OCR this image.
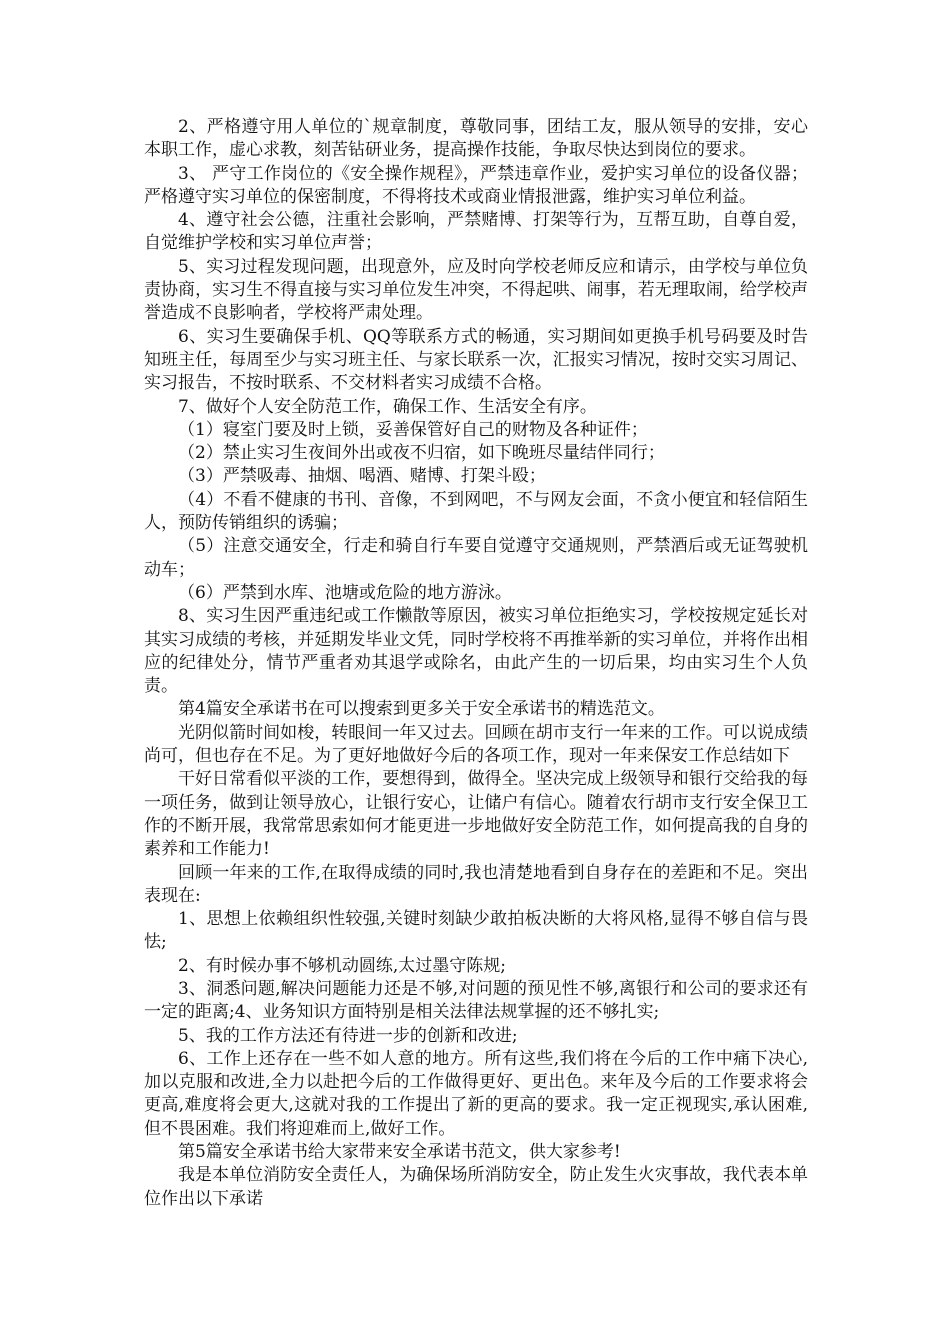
2、严格遵守用人单位的`规章制度，尊敬同事，团结工友，服从领导的安排，安心本职工作，虚心求教，刻苦钻研业务，提高操作技能，争取尽快达到岗位的要求。

3、 严守工作岗位的《安全操作规程》，严禁违章作业，爱护实习单位的设备仪器；严格遵守实习单位的保密制度，不得将技术或商业情报泄露，维护实习单位利益。

4、遵守社会公德，注重社会影响，严禁赌博、打架等行为，互帮互助，自尊自爱，自觉维护学校和实习单位声誉；

5、实习过程发现问题，出现意外，应及时向学校老师反应和请示，由学校与单位负责协商，实习生不得直接与实习单位发生冲突，不得起哄、闹事，若无理取闹，给学校声誉造成不良影响者，学校将严肃处理。

6、实习生要确保手机、QQ等联系方式的畅通，实习期间如更换手机号码要及时告知班主任，每周至少与实习班主任、与家长联系一次，汇报实习情况，按时交实习周记、实习报告，不按时联系、不交材料者实习成绩不合格。

7、做好个人安全防范工作，确保工作、生活安全有序。

（1）寝室门要及时上锁，妥善保管好自己的财物及各种证件；

（2）禁止实习生夜间外出或夜不归宿，如下晚班尽量结伴同行；

（3）严禁吸毒、抽烟、喝酒、赌博、打架斗殴；

（4）不看不健康的书刊、音像，不到网吧，不与网友会面，不贪小便宜和轻信陌生人，预防传销组织的诱骗；

（5）注意交通安全，行走和骑自行车要自觉遵守交通规则，严禁酒后或无证驾驶机动车；

（6）严禁到水库、池塘或危险的地方游泳。

8、实习生因严重违纪或工作懒散等原因，被实习单位拒绝实习，学校按规定延长对其实习成绩的考核，并延期发毕业文凭，同时学校将不再推举新的实习单位，并将作出相应的纪律处分，情节严重者劝其退学或除名，由此产生的一切后果，均由实习生个人负责。

第4篇安全承诺书在可以搜索到更多关于安全承诺书的精选范文。

光阴似箭时间如梭，转眼间一年又过去。回顾在胡市支行一年来的工作。可以说成绩尚可，但也存在不足。为了更好地做好今后的各项工作，现对一年来保安工作总结如下

干好日常看似平淡的工作，要想得到，做得全。坚决完成上级领导和银行交给我的每一项任务，做到让领导放心，让银行安心，让储户有信心。随着农行胡市支行安全保卫工作的不断开展，我常常思索如何才能更进一步地做好安全防范工作，如何提高我的自身的素养和工作能力!

回顾一年来的工作,在取得成绩的同时,我也清楚地看到自身存在的差距和不足。突出表现在:

1、思想上依赖组织性较强,关键时刻缺少敢拍板决断的大将风格,显得不够自信与畏怯;

2、有时候办事不够机动圆练,太过墨守陈规;

3、洞悉问题,解决问题能力还是不够,对问题的预见性不够,离银行和公司的要求还有一定的距离;4、业务知识方面特别是相关法律法规掌握的还不够扎实;

5、我的工作方法还有待进一步的创新和改进;

6、工作上还存在一些不如人意的地方。所有这些,我们将在今后的工作中痛下决心,加以克服和改进,全力以赴把今后的工作做得更好、更出色。来年及今后的工作要求将会更高,难度将会更大,这就对我的工作提出了新的更高的要求。我一定正视现实,承认困难,但不畏困难。我们将迎难而上,做好工作。

第5篇安全承诺书给大家带来安全承诺书范文，供大家参考!

我是本单位消防安全责任人，为确保场所消防安全，防止发生火灾事故，我代表本单位作出以下承诺
